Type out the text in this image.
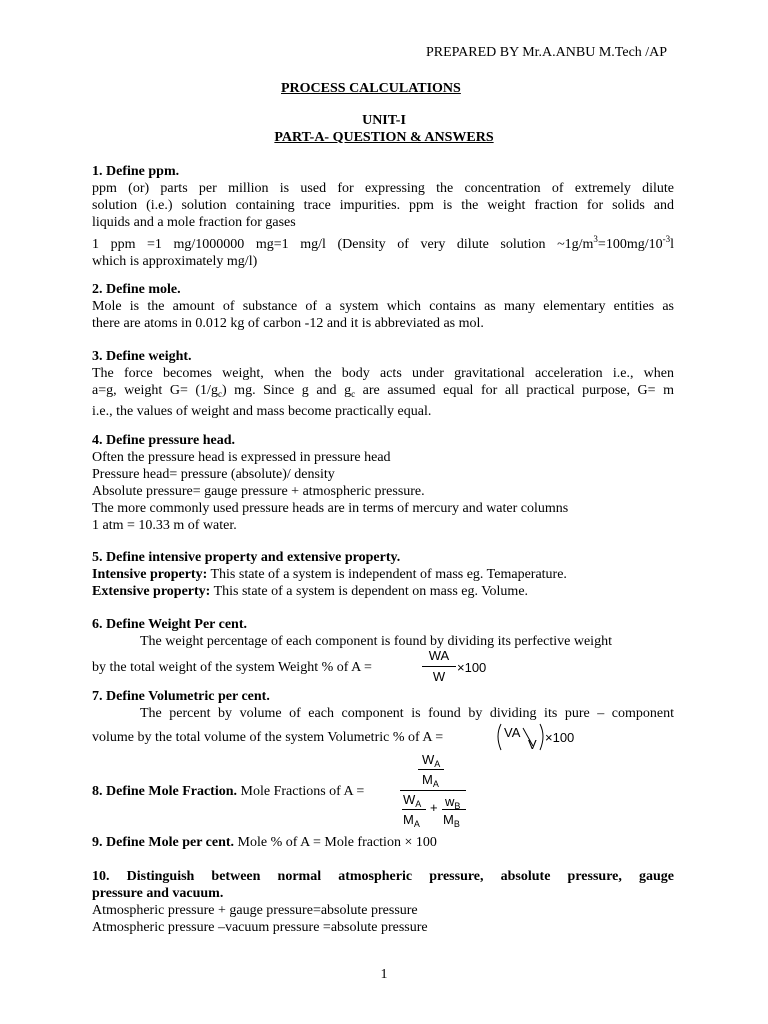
PREPARED BY Mr.A.ANBU M.Tech /AP
PROCESS CALCULATIONS
UNIT-I
PART-A- QUESTION & ANSWERS
1. Define ppm.
ppm (or) parts per million is used for expressing the concentration of extremely dilute
solution (i.e.) solution containing trace impurities. ppm is the weight fraction for solids and
liquids and a mole fraction for gases
1 ppm =1 mg/1000000 mg=1 mg/l (Density of very dilute solution $\sim 1g/m^3=100mg/10^{-3}l$
which is approximately mg/l)
2. Define mole.
Mole is the amount of substance of a system which contains as many elementary entities as
there are atoms in 0.012 kg of carbon -12 and it is abbreviated as mol.
3. Define weight.
The force becomes weight, when the body acts under gravitational acceleration i.e., when
a=g, weight $G= (1/g_c)$ mg. Since g and $g_c$ are assumed equal for all practical purpose, G= m
i.e., the values of weight and mass become practically equal.
4. Define pressure head.
Often the pressure head is expressed in pressure head
Pressure head= pressure (absolute)/ density
Absolute pressure= gauge pressure + atmospheric pressure.
The more commonly used pressure heads are in terms of mercury and water columns
1 atm = 10.33 m of water.
5. Define intensive property and extensive property.
Intensive property: This state of a system is independent of mass eg. Temaperature.
Extensive property: This state of a system is dependent on mass eg. Volume.
6. Define Weight Per cent.
The weight percentage of each component is found by dividing its perfective weight
by the total weight of the system Weight % of A =
WA
W
×100
7. Define Volumetric per cent.
The percent by volume of each component is found by dividing its pure – component
volume by the total volume of the system Volumetric % of A =	VA
V ×100
8. Define Mole Fraction. Mole Fractions of A =
$W_A$
$M_A$
$W_A$
$M_A$
+ $w_B$
$M_B$
9. Define Mole per cent. Mole % of A = Mole fraction × 100
10. Distinguish between normal atmospheric pressure, absolute pressure, gauge
pressure and vacuum.
Atmospheric pressure + gauge pressure=absolute pressure
Atmospheric pressure –vacuum pressure =absolute pressure
1
